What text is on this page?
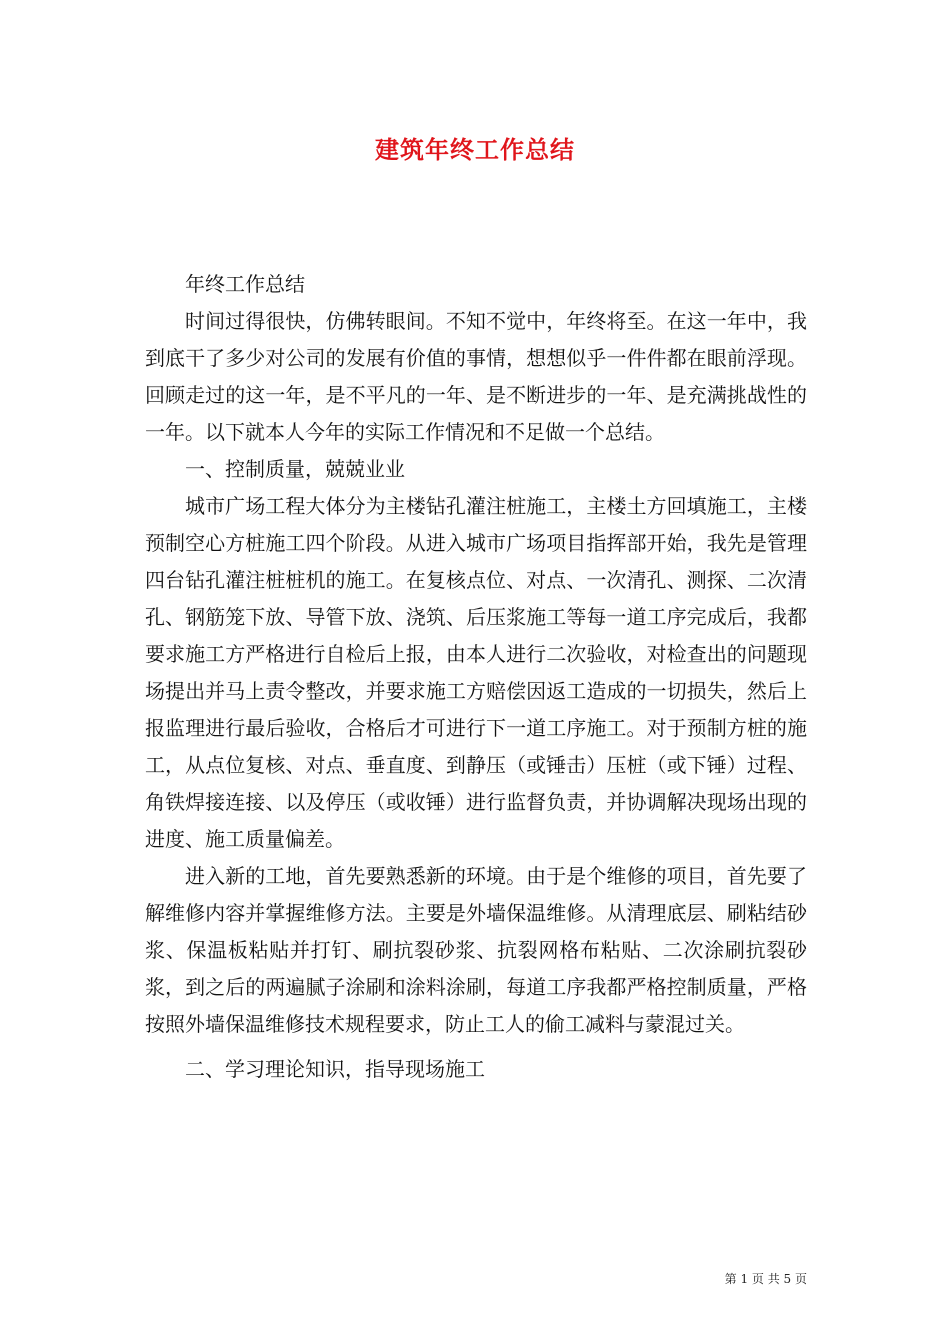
建筑年终工作总结

年终工作总结

时间过得很快，仿佛转眼间。不知不觉中，年终将至。在这一年中，我到底干了多少对公司的发展有价值的事情，想想似乎一件件都在眼前浮现。回顾走过的这一年，是不平凡的一年、是不断进步的一年、是充满挑战性的一年。以下就本人今年的实际工作情况和不足做一个总结。

一、控制质量，兢兢业业

城市广场工程大体分为主楼钻孔灌注桩施工，主楼土方回填施工，主楼预制空心方桩施工四个阶段。从进入城市广场项目指挥部开始，我先是管理四台钻孔灌注桩桩机的施工。在复核点位、对点、一次清孔、测探、二次清孔、钢筋笼下放、导管下放、浇筑、后压浆施工等每一道工序完成后，我都要求施工方严格进行自检后上报，由本人进行二次验收，对检查出的问题现场提出并马上责令整改，并要求施工方赔偿因返工造成的一切损失，然后上报监理进行最后验收，合格后才可进行下一道工序施工。对于预制方桩的施工，从点位复核、对点、垂直度、到静压（或锤击）压桩（或下锤）过程、角铁焊接连接、以及停压（或收锤）进行监督负责，并协调解决现场出现的进度、施工质量偏差。

进入新的工地，首先要熟悉新的环境。由于是个维修的项目，首先要了解维修内容并掌握维修方法。主要是外墙保温维修。从清理底层、刷粘结砂浆、保温板粘贴并打钉、刷抗裂砂浆、抗裂网格布粘贴、二次涂刷抗裂砂浆，到之后的两遍腻子涂刷和涂料涂刷，每道工序我都严格控制质量，严格按照外墙保温维修技术规程要求，防止工人的偷工减料与蒙混过关。

二、学习理论知识，指导现场施工

第 1 页 共 5 页
